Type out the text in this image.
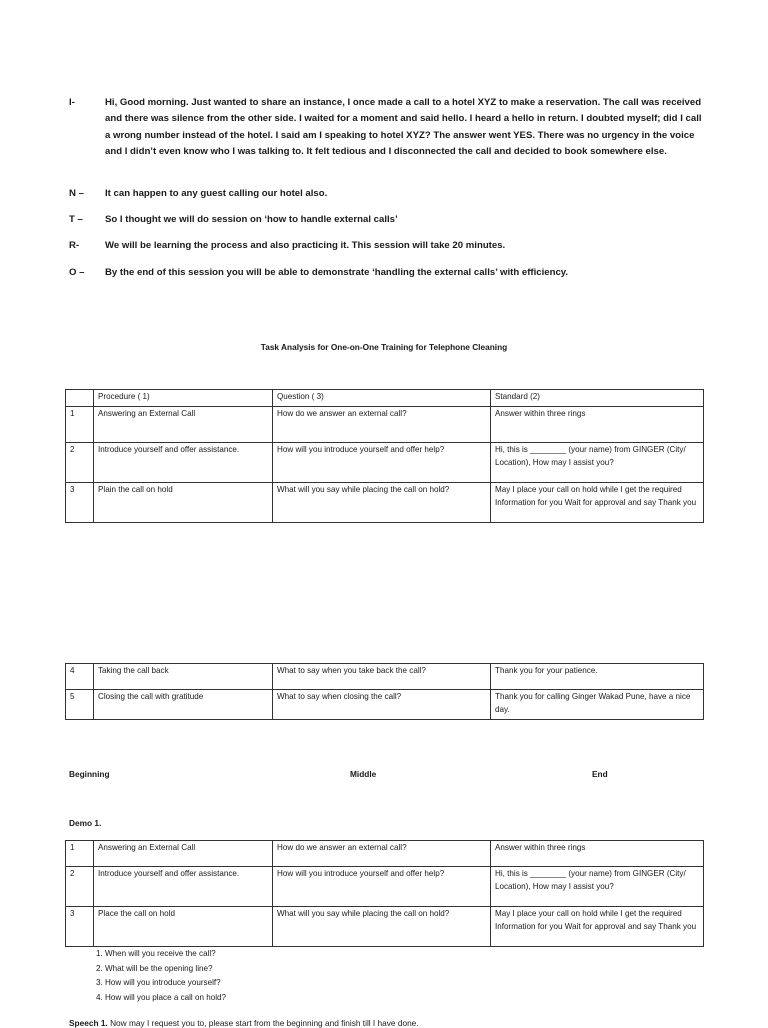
I-	Hi, Good morning. Just wanted to share an instance, I once made a call to a hotel XYZ to make a reservation. The call was received and there was silence from the other side. I waited for a moment and said hello. I heard a hello in return. I doubted myself; did I call a wrong number instead of the hotel. I said am I speaking to hotel XYZ? The answer went YES. There was no urgency in the voice and I didn’t even know who I was talking to. It felt tedious and I disconnected the call and decided to book somewhere else.
N – It can happen to any guest calling our hotel also.
T – So I thought we will do session on ‘how to handle external calls’
R-	We will be learning the process and also practicing it. This session will take 20 minutes.
O – By the end of this session you will be able to demonstrate ‘handling the external calls’ with efficiency.
Task Analysis for One-on-One Training for Telephone Cleaning
	Procedure ( 1)	Question ( 3)	Standard (2)
1	Answering an External Call	How do we answer an external call?	Answer within three rings
2	Introduce yourself and offer assistance.	How will you introduce yourself and offer help?	Hi, this is ________ (your name) from GINGER (City/ Location), How may I assist you?
3	Plain the call on hold	What will you say while placing the call on hold?	May I place your call on hold while I get the required Information for you Wait for approval and say Thank you
4	Taking the call back	What to say when you take back the call?	Thank you for your patience.
5	Closing the call with gratitude	What to say when closing the call?	Thank you for calling Ginger Wakad Pune, have a nice day.
Beginning	Middle	End
Demo 1.
1	Answering an External Call	How do we answer an external call?	Answer within three rings
2	Introduce yourself and offer assistance.	How will you introduce yourself and offer help?	Hi, this is ________ (your name) from GINGER (City/ Location), How may I assist you?
3	Place the call on hold	What will you say while placing the call on hold?	May I place your call on hold while I get the required Information for you Wait for approval and say Thank you
1. When will you receive the call?
2. What will be the opening line?
3. How will you introduce yourself?
4. How will you place a call on hold?
Speech 1. Now may I request you to, please start from the beginning and finish till I have done.
